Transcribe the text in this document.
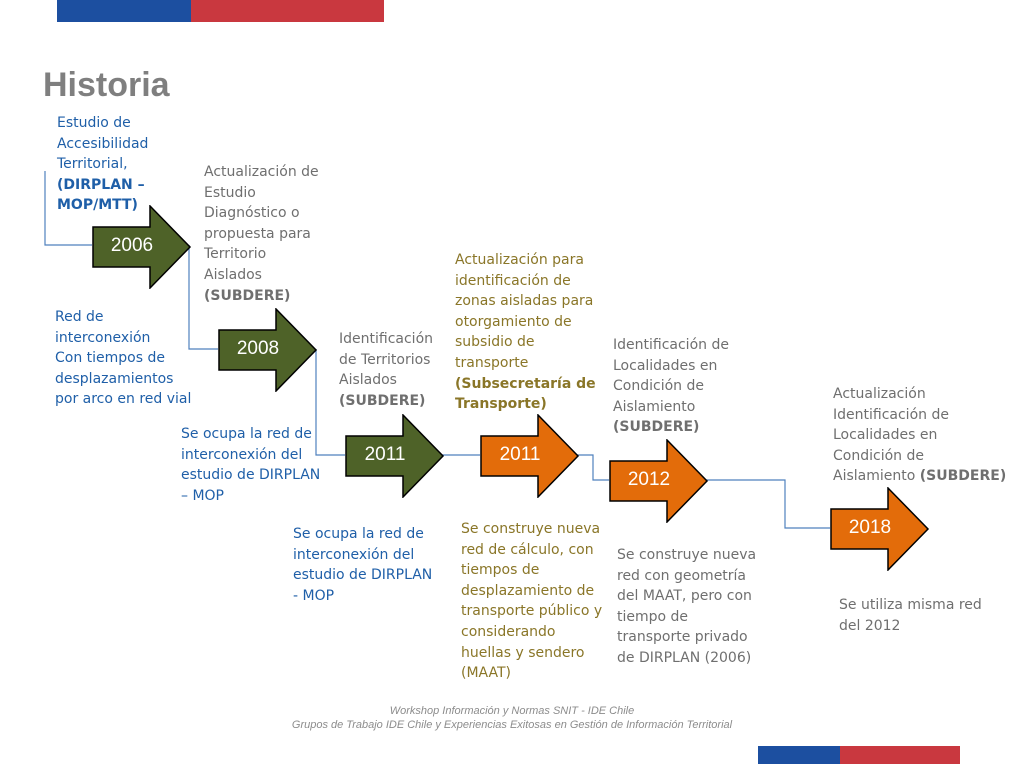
Historia
Estudio de
Accesibilidad
Territorial,
(DIRPLAN –
MOP/MTT)
2006
Red de
interconexión
Con tiempos de
desplazamientos
por arco en red vial
Actualización de
Estudio
Diagnóstico o
propuesta para
Territorio
Aislados
(SUBDERE)
2008
Se ocupa la red de
interconexión del
estudio de DIRPLAN
– MOP
Identificación
de Territorios
Aislados
(SUBDERE)
2011
Se ocupa la red de
interconexión del
estudio de DIRPLAN
- MOP
Actualización para
identificación de
zonas aisladas para
otorgamiento de
subsidio de
transporte
(Subsecretaría de
Transporte)
2011
Se construye nueva
red de cálculo, con
tiempos de
desplazamiento de
transporte público y
considerando
huellas y sendero
(MAAT)
Identificación de
Localidades en
Condición de
Aislamiento
(SUBDERE)
2012
Se construye nueva
red con geometría
del MAAT, pero con
tiempo de
transporte privado
de DIRPLAN (2006)
Actualización
Identificación de
Localidades en
Condición de
Aislamiento (SUBDERE)
2018
Se utiliza misma red
del 2012
Workshop Información y Normas SNIT - IDE Chile
Grupos de Trabajo IDE Chile y Experiencias Exitosas en Gestión de Información Territorial
